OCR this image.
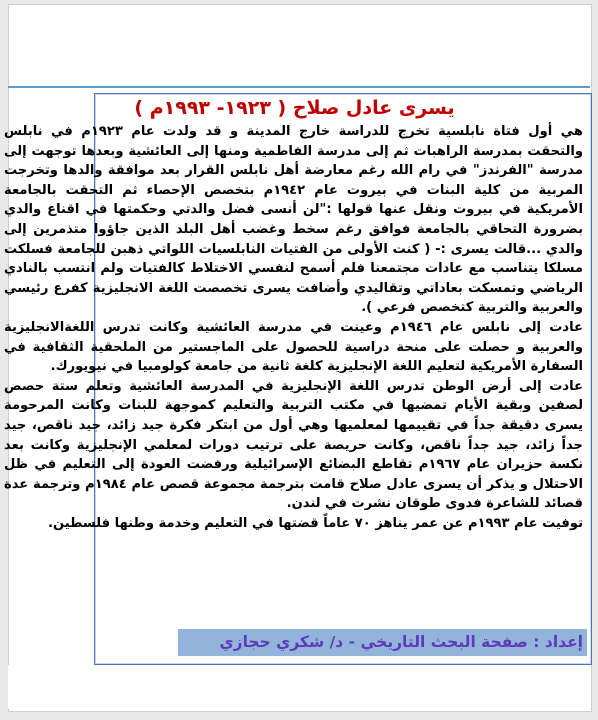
يسرى عادل صلاح ( ١٩٢٣- ١٩٩٣م )

هي أول فتاة نابلسية تخرج للدراسة خارج المدينة و قد ولدت عام ١٩٢٣م في نابلس والتحقت بمدرسة الراهبات ثم إلى مدرسة الفاطمية ومنها إلى العائشية وبعدها توجهت إلى مدرسة "الفرندز" في رام الله رغم معارضة أهل نابلس القرار بعد موافقة والدها وتخرجت المربية من كلية البنات في بيروت عام ١٩٤٢م بتخصص الإحصاء ثم التحقت بالجامعة الأمريكية في بيروت ونقل عنها قولها :"لن أنسى فضل والدتي وحكمتها في اقناع والدي بضرورة التحاقي بالجامعة فوافق رغم سخط وغضب أهل البلد الذين جاؤوا متذمرين إلى والدي ...قالت يسرى :- ( كنت الأولى من الفتيات النابلسيات اللواتي ذهبن للجامعة فسلكت مسلكا يتناسب مع عادات مجتمعنا فلم أسمح لنفسي الاختلاط كالفتيات ولم انتسب بالنادي الرياضي وتمسكت بعاداتي وتقاليدي وأضافت يسرى تخصصت اللغة الانجليزية كفرع رئيسي والعربية والتربية كتخصص فرعي ).

عادت إلى نابلس عام ١٩٤٦م وعينت في مدرسة العائشية وكانت تدرس اللغةالانجليزية والعربية و حصلت على منحة دراسية للحصول على الماجستير من الملحقية الثقافية في السفارة الأمريكية لتعليم اللغة الإنجليزية كلغة ثانية من جامعة كولومبيا في نيويورك.

عادت إلى أرض الوطن تدرس اللغة الإنجليزية في المدرسة العائشية وتعلم ستة حصص لصفين وبقية الأيام تمضيها في مكتب التربية والتعليم كموجهة للبنات وكانت المرحومة يسرى دقيقة جداً في تقييمها لمعلميها وهي أول من ابتكر فكرة جيد زائد، جيد ناقص، جيد جداً زائد، جيد جداً ناقص، وكانت حريصة على ترتيب دورات لمعلمي الإنجليزية وكانت بعد نكسة حزيران عام ١٩٦٧م تقاطع البضائع الإسرائيلية ورفضت العودة إلى التعليم في ظل الاحتلال و يذكر أن يسرى عادل صلاح قامت بترجمة مجموعة قصص عام ١٩٨٤م وترجمة عدة قصائد للشاعرة فدوى طوقان نشرت في لندن.

توفيت عام ١٩٩٣م عن عمر يناهز ٧٠ عاماً قضتها في التعليم وخدمة وطنها فلسطين.

إعداد : صفحة البحث التاريخي - د/ شكري حجازي
